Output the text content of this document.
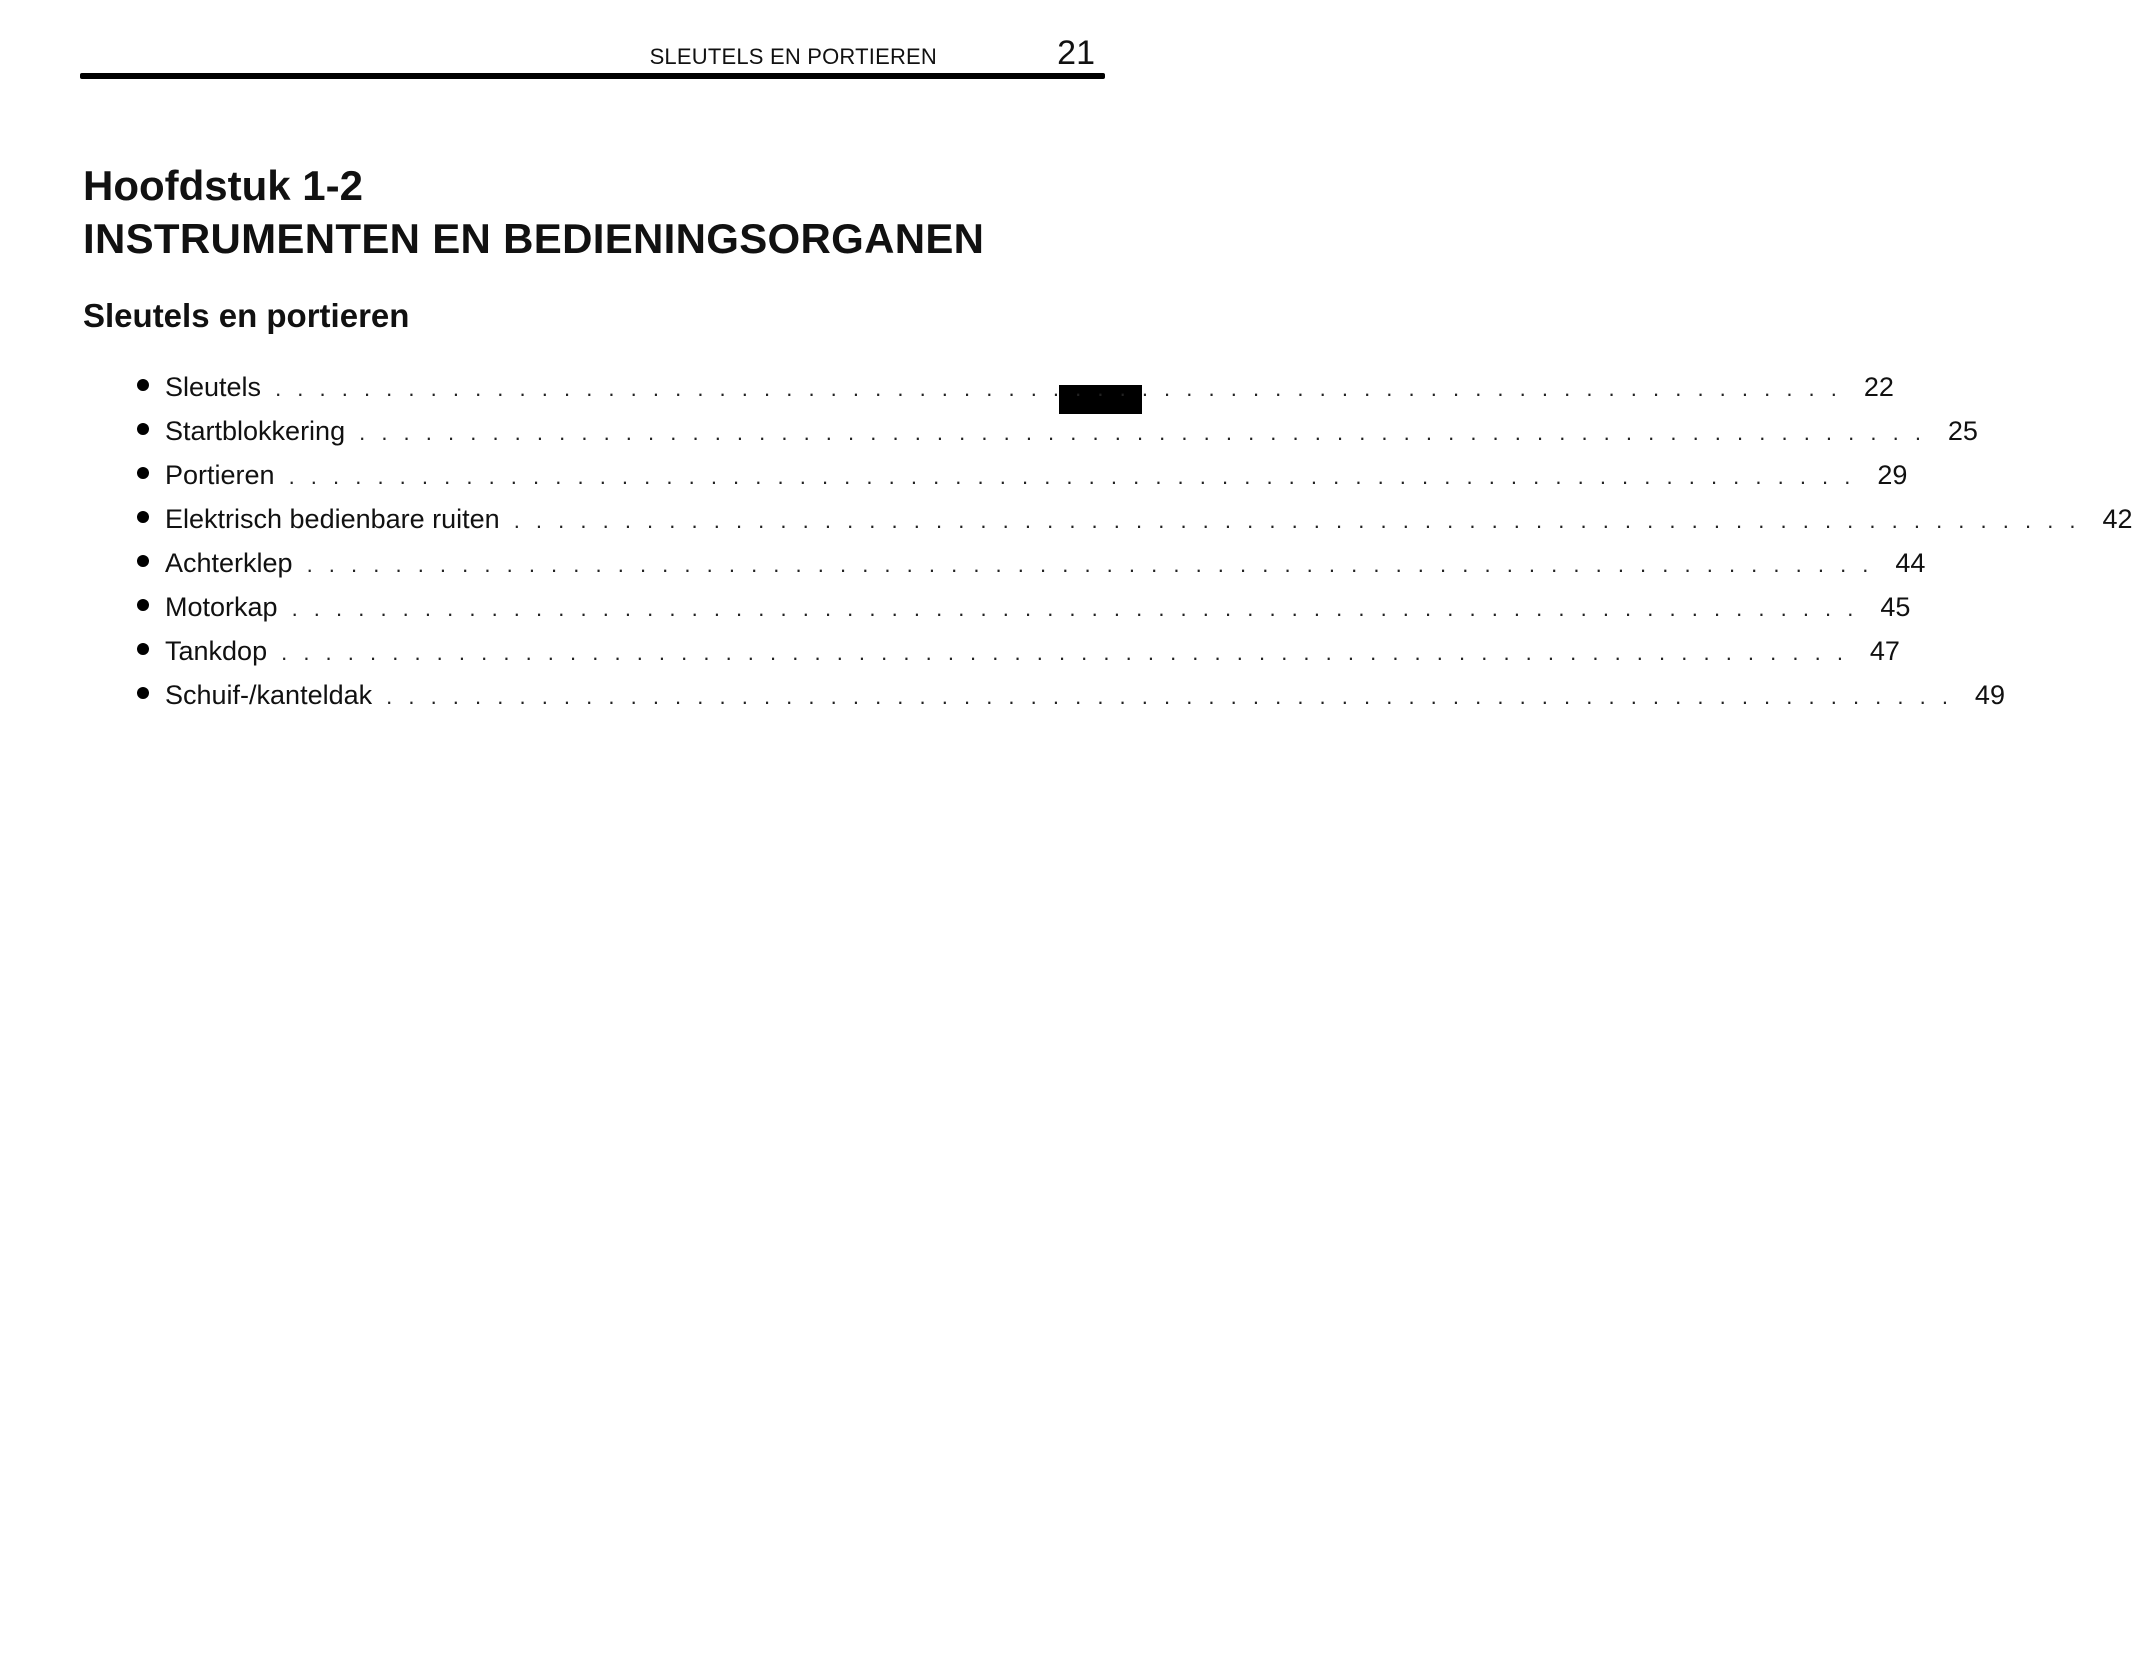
SLEUTELS EN PORTIEREN	21
Hoofdstuk 1-2
INSTRUMENTEN EN BEDIENINGSORGANEN
Sleutels en portieren
Sleutels . . . . . . . . . . . . . . . . . . . . . . . . . . . . . . . . . . . . . . . . . . . . . . . . . . . . . . . . . . . . . . . . . . . . . . . 22
Startblokkering . . . . . . . . . . . . . . . . . . . . . . . . . . . . . . . . . . . . . . . . . . . . . . . . . . . . . . . . . . . . . . . . . . . . . . . 25
Portieren . . . . . . . . . . . . . . . . . . . . . . . . . . . . . . . . . . . . . . . . . . . . . . . . . . . . . . . . . . . . . . . . . . . . . . . 29
Elektrisch bedienbare ruiten . . . . . . . . . . . . . . . . . . . . . . . . . . . . . . . . . . . . . . . . . . . . . . . . . . . . . . . . . . . . . . . . . . . . . . . 42
Achterklep . . . . . . . . . . . . . . . . . . . . . . . . . . . . . . . . . . . . . . . . . . . . . . . . . . . . . . . . . . . . . . . . . . . . . . . 44
Motorkap . . . . . . . . . . . . . . . . . . . . . . . . . . . . . . . . . . . . . . . . . . . . . . . . . . . . . . . . . . . . . . . . . . . . . . . 45
Tankdop . . . . . . . . . . . . . . . . . . . . . . . . . . . . . . . . . . . . . . . . . . . . . . . . . . . . . . . . . . . . . . . . . . . . . . . 47
Schuif-/kanteldak . . . . . . . . . . . . . . . . . . . . . . . . . . . . . . . . . . . . . . . . . . . . . . . . . . . . . . . . . . . . . . . . . . . . . . . 49
